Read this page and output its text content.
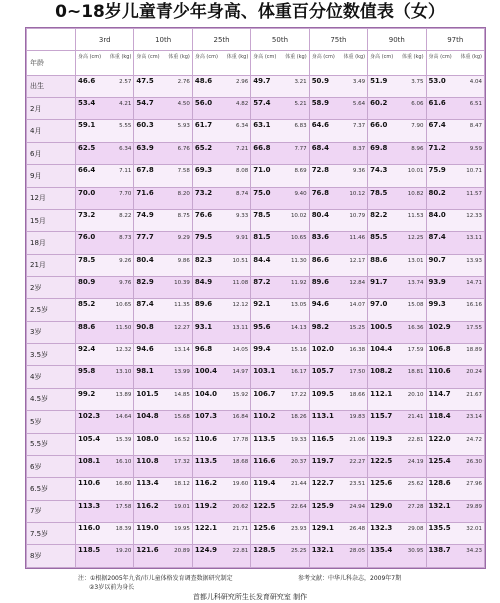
0~18岁儿童青少年身高、体重百分位数值表（女）
	3rd	10th	25th	50th	75th	90th	97th
年龄	身高 (cm) 体重 (kg)	身高 (cm) 体重 (kg)	身高 (cm) 体重 (kg)	身高 (cm) 体重 (kg)	身高 (cm) 体重 (kg)	身高 (cm) 体重 (kg)	身高 (cm) 体重 (kg)

出生	46.6 2.57	47.5 2.76	48.6 2.96	49.7 3.21	50.9 3.49	51.9 3.75	53.0 4.04

2月	53.4 4.21	54.7 4.50	56.0 4.82	57.4 5.21	58.9 5.64	60.2 6.06	61.6 6.51

4月	59.1 5.55	60.3 5.93	61.7 6.34	63.1 6.83	64.6 7.37	66.0 7.90	67.4 8.47

6月	62.5 6.34	63.9 6.76	65.2 7.21	66.8 7.77	68.4 8.37	69.8 8.96	71.2 9.59

9月	66.4 7.11	67.8 7.58	69.3 8.08	71.0 8.69	72.8 9.36	74.3 10.01	75.9 10.71

12月	70.0 7.70	71.6 8.20	73.2 8.74	75.0 9.40	76.8 10.12	78.5 10.82	80.2 11.57

15月	73.2 8.22	74.9 8.75	76.6 9.33	78.5 10.02	80.4 10.79	82.2 11.53	84.0 12.33

18月	76.0 8.73	77.7 9.29	79.5 9.91	81.5 10.65	83.6 11.46	85.5 12.25	87.4 13.11

21月	78.5 9.26	80.4 9.86	82.3 10.51	84.4 11.30	86.6 12.17	88.6 13.01	90.7 13.93

2岁	80.9 9.76	82.9 10.39	84.9 11.08	87.2 11.92	89.6 12.84	91.7 13.74	93.9 14.71

2.5岁	85.2 10.65	87.4 11.35	89.6 12.12	92.1 13.05	94.6 14.07	97.0 15.08	99.3 16.16

3岁	88.6 11.50	90.8 12.27	93.1 13.11	95.6 14.13	98.2 15.25	100.5 16.36	102.9 17.55

3.5岁	92.4 12.32	94.6 13.14	96.8 14.05	99.4 15.16	102.0 16.38	104.4 17.59	106.8 18.89

4岁	95.8 13.10	98.1 13.99	100.4 14.97	103.1 16.17	105.7 17.50	108.2 18.81	110.6 20.24

4.5岁	99.2 13.89	101.5 14.85	104.0 15.92	106.7 17.22	109.5 18.66	112.1 20.10	114.7 21.67

5岁	102.3 14.64	104.8 15.68	107.3 16.84	110.2 18.26	113.1 19.83	115.7 21.41	118.4 23.14

5.5岁	105.4 15.39	108.0 16.52	110.6 17.78	113.5 19.33	116.5 21.06	119.3 22.81	122.0 24.72

6岁	108.1 16.10	110.8 17.32	113.5 18.68	116.6 20.37	119.7 22.27	122.5 24.19	125.4 26.30

6.5岁	110.6 16.80	113.4 18.12	116.2 19.60	119.4 21.44	122.7 23.51	125.6 25.62	128.6 27.96

7岁	113.3 17.58	116.2 19.01	119.2 20.62	122.5 22.64	125.9 24.94	129.0 27.28	132.1 29.89

7.5岁	116.0 18.39	119.0 19.95	122.1 21.71	125.6 23.93	129.1 26.48	132.3 29.08	135.5 32.01

8岁	118.5 19.20	121.6 20.89	124.9 22.81	128.5 25.25	132.1 28.05	135.4 30.95	138.7 34.23
注：①根据2005年九省/市儿童体格发育调查数据研究制定
②3岁以前为身长
参考文献：中华儿科杂志，2009年7期
首都儿科研究所生长发育研究室 制作
